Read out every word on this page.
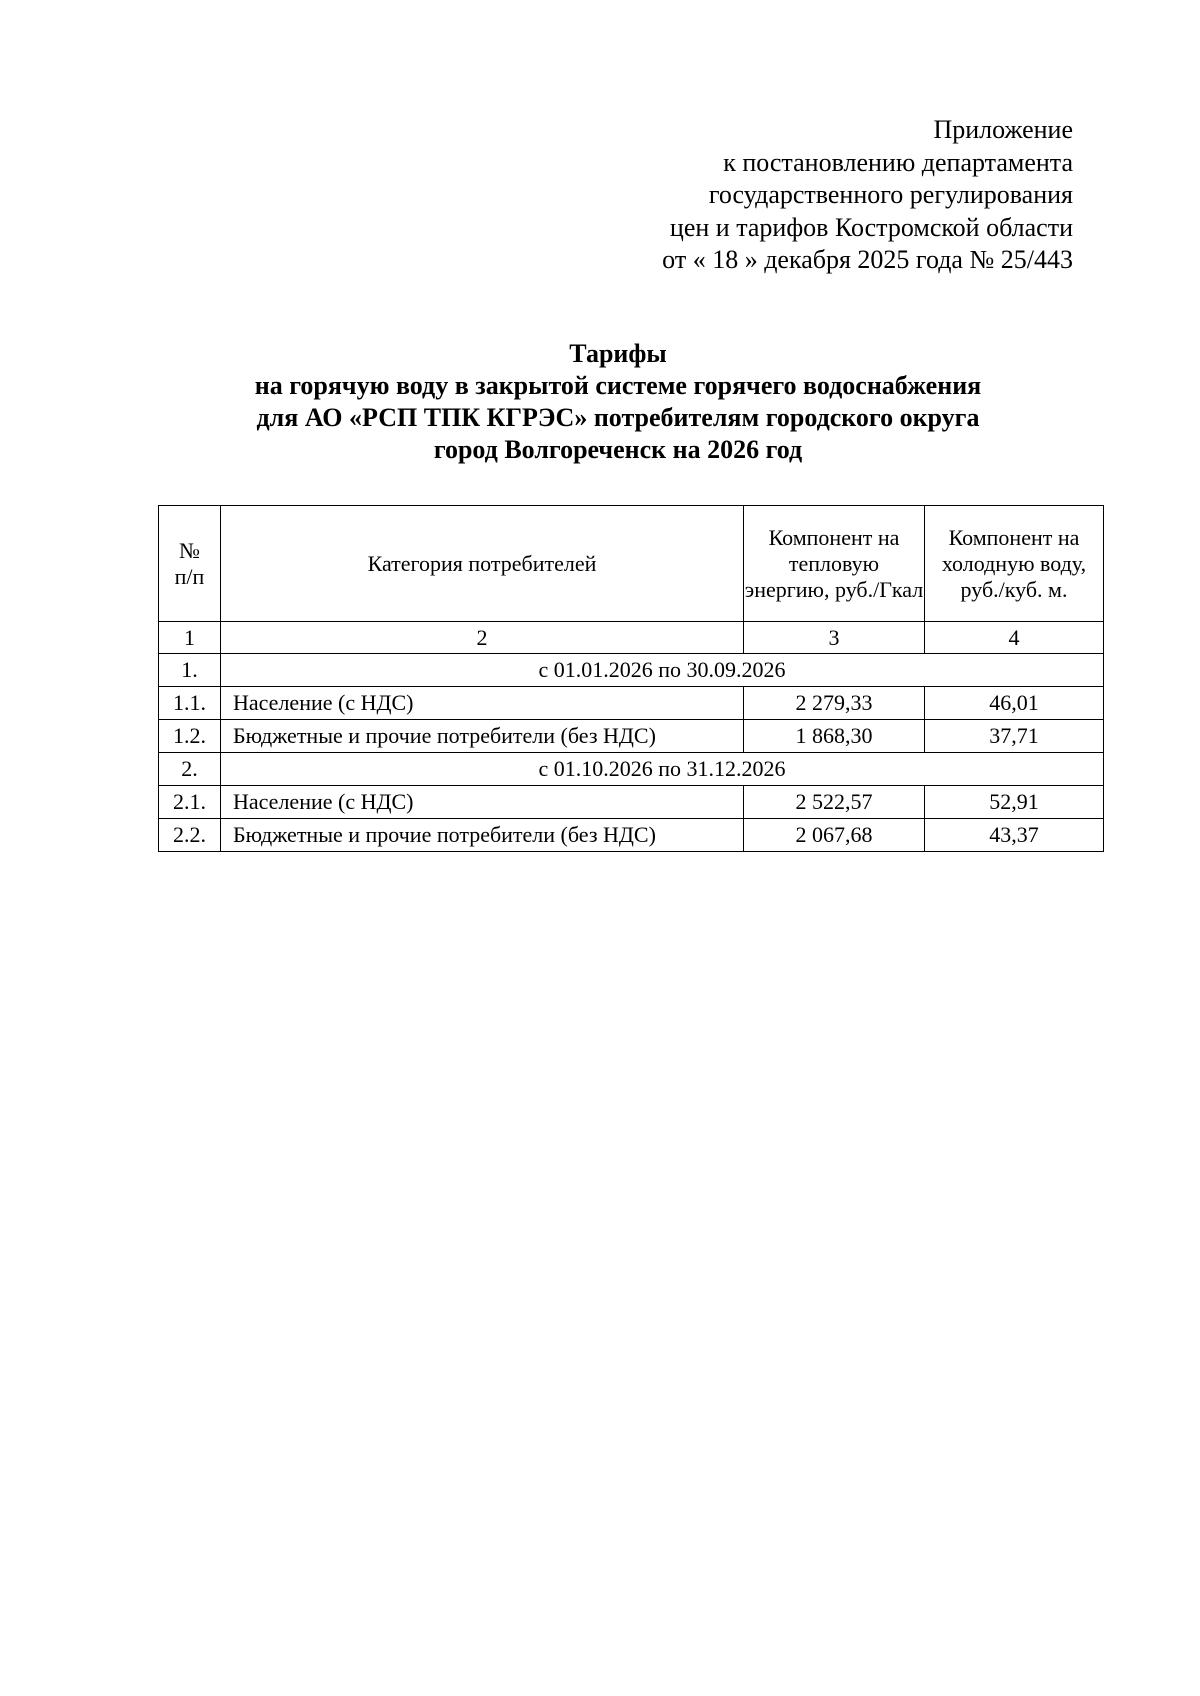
Приложение
к постановлению департамента
государственного регулирования
цен и тарифов Костромской области
от « 18 » декабря 2025 года № 25/443
Тарифы
на горячую воду в закрытой системе горячего водоснабжения
для АО «РСП ТПК КГРЭС» потребителям городского округа
город Волгореченск на 2026 год
№
п/п	Категория потребителей	Компонент на тепловую энергию, руб./Гкал	Компонент на холодную воду, руб./куб. м.
1	2	3	4
1.	с 01.01.2026 по 30.09.2026		
1.1.	Население (с НДС)	2 279,33	46,01
1.2.	Бюджетные и прочие потребители (без НДС)	1 868,30	37,71
2.	с 01.10.2026 по 31.12.2026		
2.1.	Население (с НДС)	2 522,57	52,91
2.2.	Бюджетные и прочие потребители (без НДС)	2 067,68	43,37
